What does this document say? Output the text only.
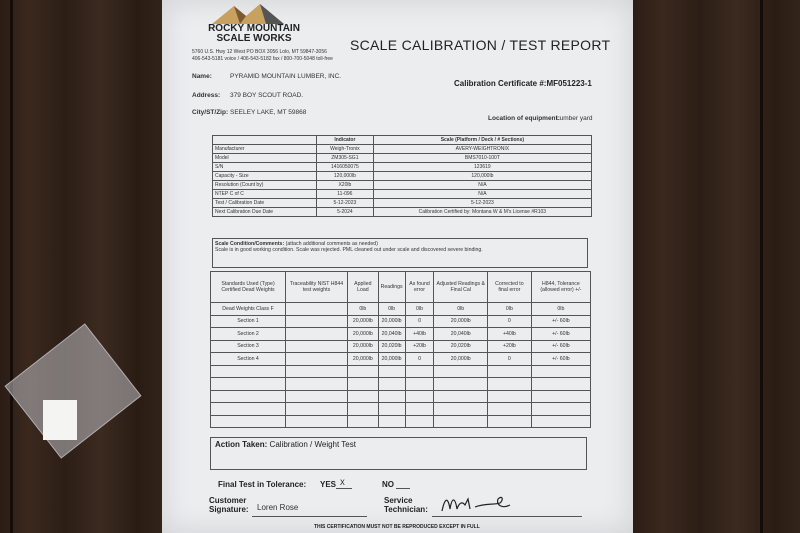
ROCKY MOUNTAIN
SCALE WORKS
5760 U.S. Hwy 12 West PO BOX 3056 Lolo, MT 59847-3056
406-543-5181 voice / 406-543-5182 fax / 800-700-5048 toll-free
SCALE CALIBRATION / TEST REPORT
Name:	PYRAMID MOUNTAIN LUMBER, INC.
Address: 379 BOY SCOUT ROAD.
City/ST/Zip: SEELEY LAKE, MT 59868
Calibration Certificate #:MF051223-1
Location of equipment:
Lumber yard
	Indicator	Scale (Platform / Deck / # Sections)
Manufacturer	Weigh-Tronix	AVERY-WEIGHTRONIX
Model	ZM305-SG1	BMS7010-100T
S/N	1416050075	123619
Capacity - Size	120,000lb	120,000lb
Resolution (Count by)	X20lb	N/A
NTEP C of C	11-096	N/A
Test / Calibration Date	5-12-2023	5-12-2023
Next Calibration Due Date	5-2024	Calibration Certified by: Montana W & M's License #R103
Scale Condition/Comments: (attach additional comments as needed)
Scale is in good working condition. Scale was rejected. PML cleaned out under scale and discovered severe binding.
Standards Used (Type) Certified Dead Weights	Traceability NIST H844 test weights	Applied Load	Readings	As found error	Adjusted Readings & Final Cal	Corrected to final error	H844, Tolerance (allowed error) +/-
Dead Weights Class F		0lb	0lb	0lb	0lb	0lb	0lb
Section 1		20,000lb	20,000lb	0	20,000lb	0	+/- 60lb
Section 2		20,000lb	20,040lb	+40lb	20,040lb	+40lb	+/- 60lb
Section 3		20,000lb	20,020lb	+20lb	20,020lb	+20lb	+/- 60lb
Section 4		20,000lb	20,000lb	0	20,000lb	0	+/- 60lb

Action Taken: Calibration / Weight Test
Final Test in Tolerance: YES X	NO
Customer
Signature: Loren Rose
Service
Technician:
THIS CERTIFICATION MUST NOT BE REPRODUCED EXCEPT IN FULL
